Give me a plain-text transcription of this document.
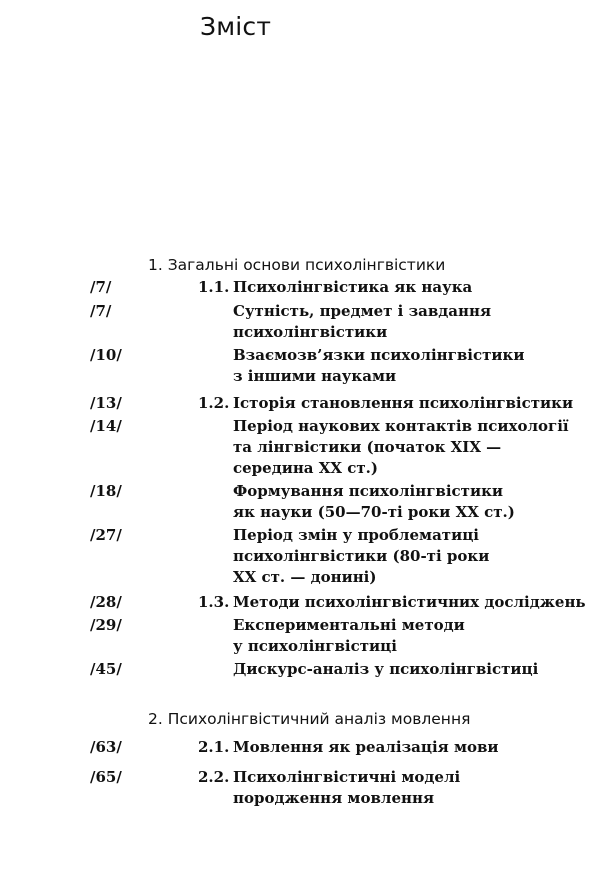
Зміст
1. Загальні основи психолінгвістики
/7/	1.1. Психолінгвістика як наука
/7/	Сутність, предмет і завдання
психолінгвістики
/10/	Взаємозв’язки психолінгвістики
з іншими науками
/13/	1.2. Історія становлення психолінгвістики
/14/	Період наукових контактів психології
та лінгвістики (початок XIX —
середина XX ст.)
/18/	Формування психолінгвістики
як науки (50—70-ті роки XX ст.)
/27/	Період змін у проблематиці
психолінгвістики (80-ті роки
XX ст. — донині)
/28/	1.3. Методи психолінгвістичних досліджень
/29/	Експериментальні методи
у психолінгвістиці
/45/	Дискурс-аналіз у психолінгвістиці
2. Психолінгвістичний аналіз мовлення
/63/	2.1. Мовлення як реалізація мови
/65/	2.2. Психолінгвістичні моделі
породження мовлення
